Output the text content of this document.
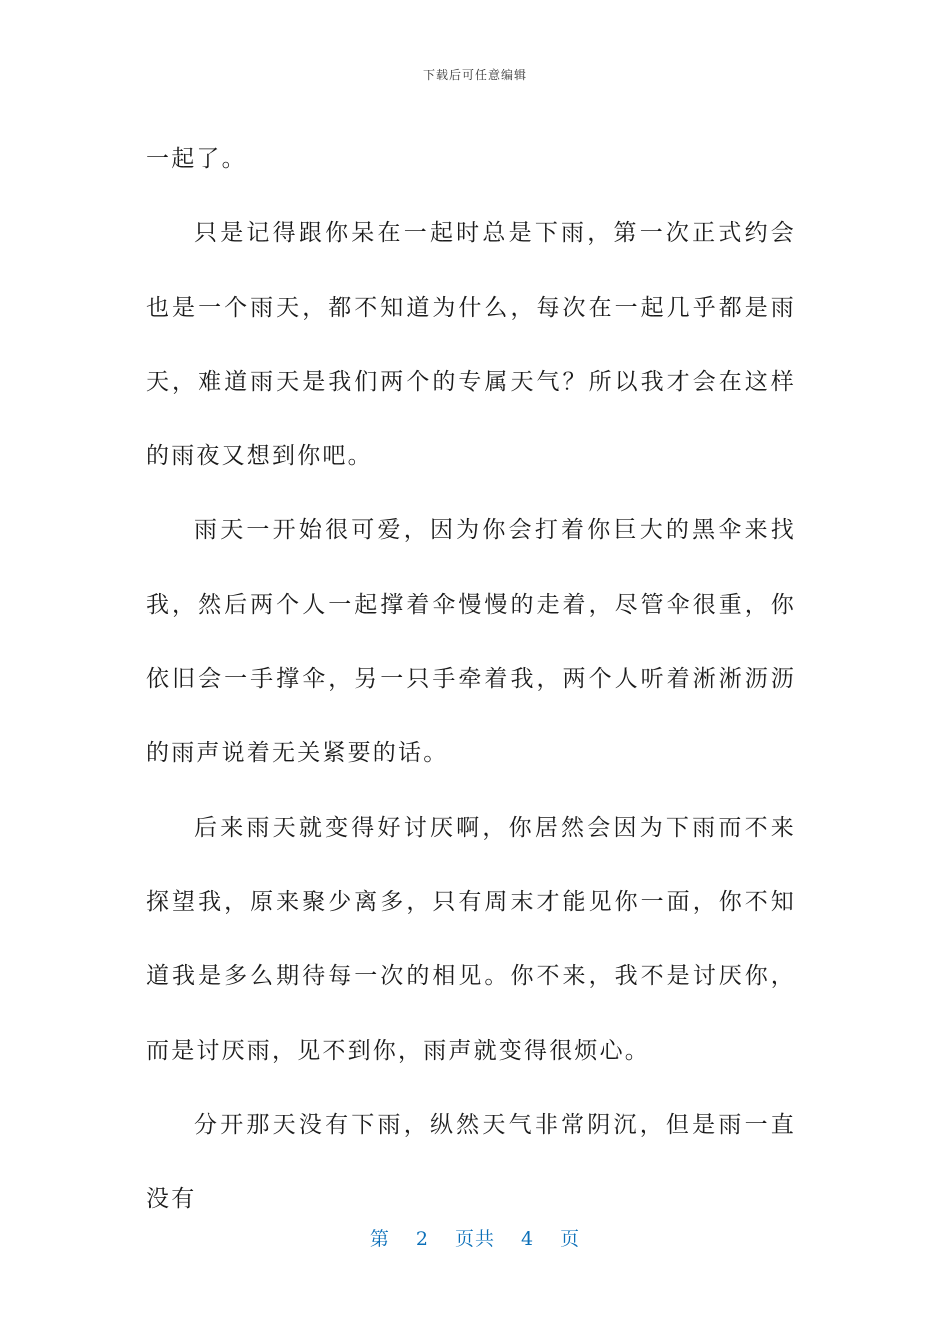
下载后可任意编辑

一起了。

只是记得跟你呆在一起时总是下雨，第一次正式约会也是一个雨天，都不知道为什么，每次在一起几乎都是雨天，难道雨天是我们两个的专属天气？所以我才会在这样的雨夜又想到你吧。

雨天一开始很可爱，因为你会打着你巨大的黑伞来找我，然后两个人一起撑着伞慢慢的走着，尽管伞很重，你依旧会一手撑伞，另一只手牵着我，两个人听着淅淅沥沥的雨声说着无关紧要的话。

后来雨天就变得好讨厌啊，你居然会因为下雨而不来探望我，原来聚少离多，只有周末才能见你一面，你不知道我是多么期待每一次的相见。你不来，我不是讨厌你，而是讨厌雨，见不到你，雨声就变得很烦心。

分开那天没有下雨，纵然天气非常阴沉，但是雨一直没有

第 2 页共 4 页
